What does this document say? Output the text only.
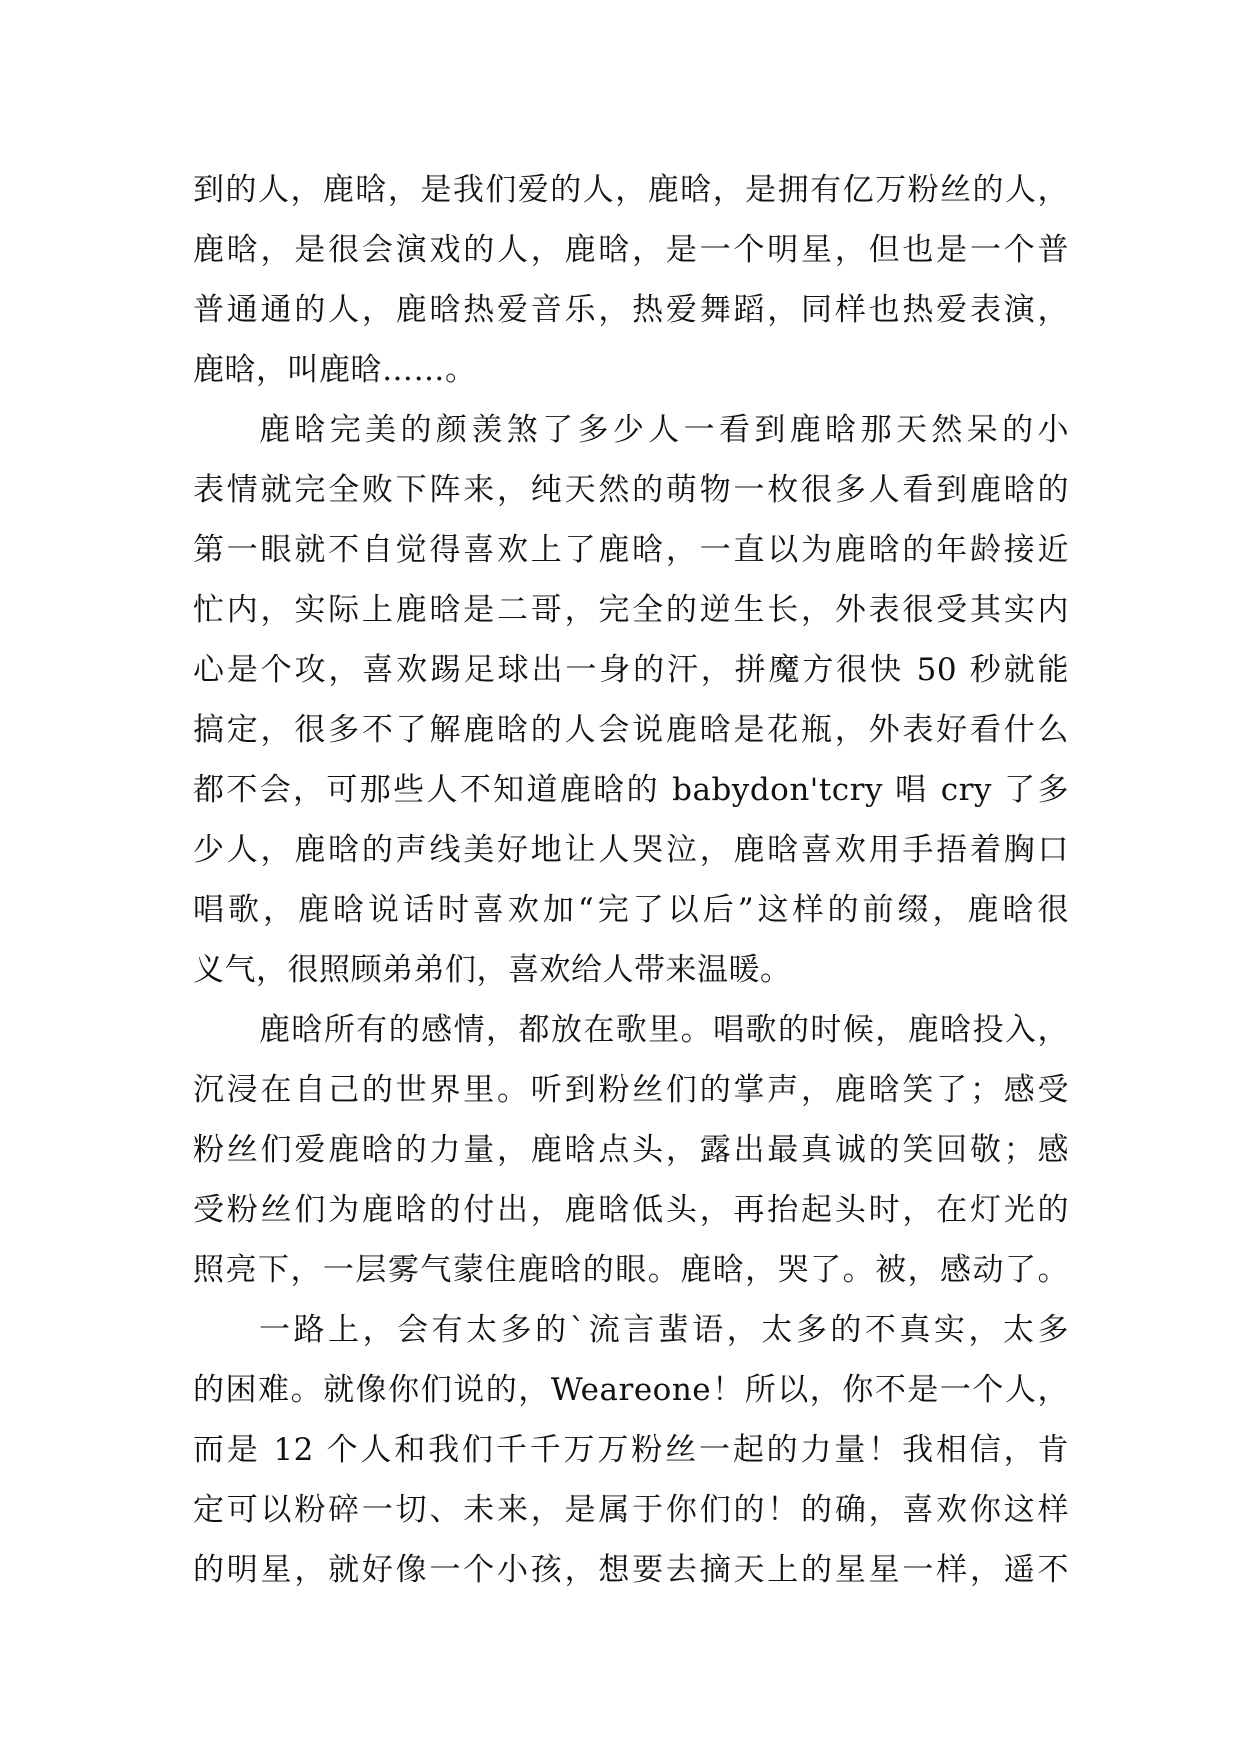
到的人，鹿晗，是我们爱的人，鹿晗，是拥有亿万粉丝的人，
鹿晗，是很会演戏的人，鹿晗，是一个明星，但也是一个普
普通通的人，鹿晗热爱音乐，热爱舞蹈，同样也热爱表演，
鹿晗，叫鹿晗……。
鹿晗完美的颜羡煞了多少人一看到鹿晗那天然呆的小
表情就完全败下阵来，纯天然的萌物一枚很多人看到鹿晗的
第一眼就不自觉得喜欢上了鹿晗，一直以为鹿晗的年龄接近
忙内，实际上鹿晗是二哥，完全的逆生长，外表很受其实内
心是个攻，喜欢踢足球出一身的汗，拼魔方很快 50 秒就能
搞定，很多不了解鹿晗的人会说鹿晗是花瓶，外表好看什么
都不会，可那些人不知道鹿晗的 babydon'tcry 唱 cry 了多
少人，鹿晗的声线美好地让人哭泣，鹿晗喜欢用手捂着胸口
唱歌，鹿晗说话时喜欢加“完了以后”这样的前缀，鹿晗很
义气，很照顾弟弟们，喜欢给人带来温暖。
鹿晗所有的感情，都放在歌里。唱歌的时候，鹿晗投入，
沉浸在自己的世界里。听到粉丝们的掌声，鹿晗笑了；感受
粉丝们爱鹿晗的力量，鹿晗点头，露出最真诚的笑回敬；感
受粉丝们为鹿晗的付出，鹿晗低头，再抬起头时，在灯光的
照亮下，一层雾气蒙住鹿晗的眼。鹿晗，哭了。被，感动了。
一路上，会有太多的`流言蜚语，太多的不真实，太多
的困难。就像你们说的，Weareone！所以，你不是一个人，
而是 12 个人和我们千千万万粉丝一起的力量！我相信，肯
定可以粉碎一切、未来，是属于你们的！的确，喜欢你这样
的明星，就好像一个小孩，想要去摘天上的星星一样，遥不
